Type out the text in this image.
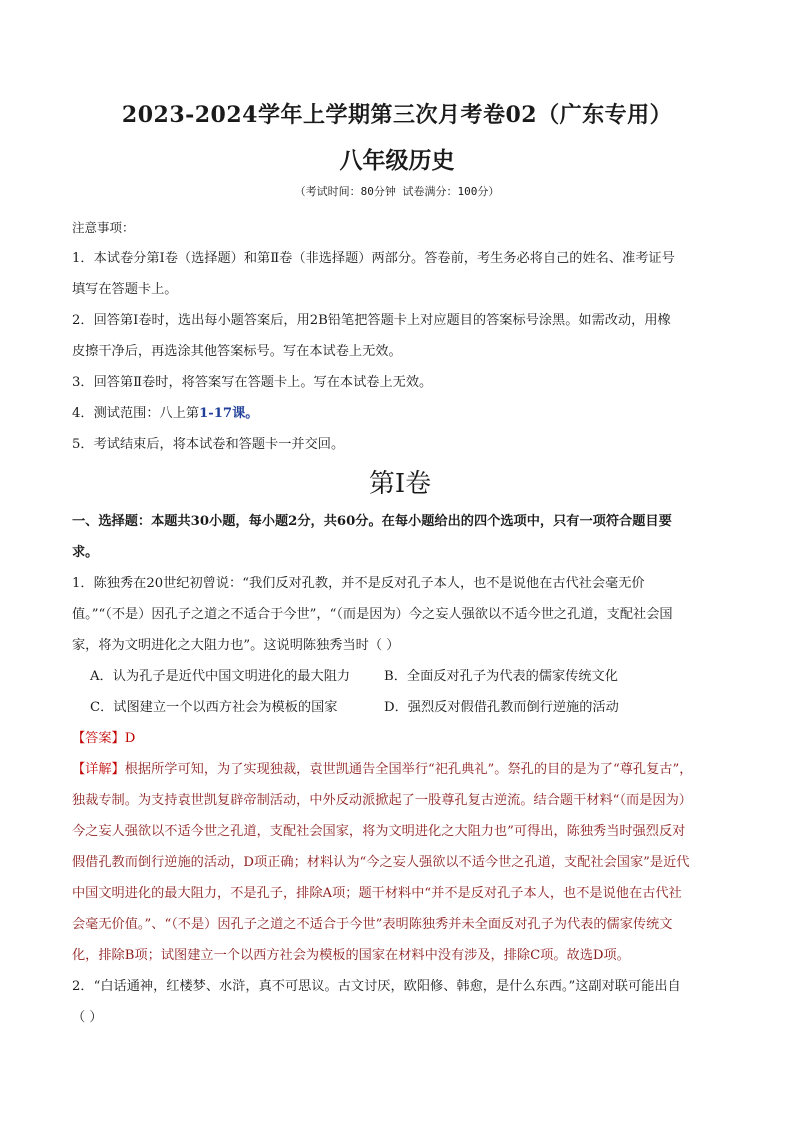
2023-2024学年上学期第三次月考卷02（广东专用）
八年级历史
（考试时间：80分钟 试卷满分：100分）
注意事项：
1．本试卷分第Ⅰ卷（选择题）和第Ⅱ卷（非选择题）两部分。答卷前，考生务必将自己的姓名、准考证号
填写在答题卡上。
2．回答第Ⅰ卷时，选出每小题答案后，用2B铅笔把答题卡上对应题目的答案标号涂黑。如需改动，用橡
皮擦干净后，再选涂其他答案标号。写在本试卷上无效。
3．回答第Ⅱ卷时，将答案写在答题卡上。写在本试卷上无效。
4．测试范围：八上第1-17课。
5．考试结束后，将本试卷和答题卡一并交回。
第Ⅰ卷
一、选择题：本题共30小题，每小题2分，共60分。在每小题给出的四个选项中，只有一项符合题目要
求。
1．陈独秀在20世纪初曾说：“我们反对孔教，并不是反对孔子本人，也不是说他在古代社会毫无价
值。”“（不是）因孔子之道之不适合于今世”，“（而是因为）今之妄人强欲以不适今世之孔道，支配社会国
家，将为文明进化之大阻力也”。这说明陈独秀当时（ ）
A．认为孔子是近代中国文明进化的最大阻力	B．全面反对孔子为代表的儒家传统文化
C．试图建立一个以西方社会为模板的国家	D．强烈反对假借孔教而倒行逆施的活动
【答案】D
【详解】根据所学可知，为了实现独裁，袁世凯通告全国举行“祀孔典礼”。祭孔的目的是为了“尊孔复古”，
独裁专制。为支持袁世凯复辟帝制活动，中外反动派掀起了一股尊孔复古逆流。结合题干材料“（而是因为）
今之妄人强欲以不适今世之孔道，支配社会国家，将为文明进化之大阻力也”可得出，陈独秀当时强烈反对
假借孔教而倒行逆施的活动，D项正确；材料认为“今之妄人强欲以不适今世之孔道，支配社会国家”是近代
中国文明进化的最大阻力，不是孔子，排除A项；题干材料中“并不是反对孔子本人，也不是说他在古代社
会毫无价值。”、“（不是）因孔子之道之不适合于今世”表明陈独秀并未全面反对孔子为代表的儒家传统文
化，排除B项；试图建立一个以西方社会为模板的国家在材料中没有涉及，排除C项。故选D项。
2．“白话通神，红楼梦、水浒，真不可思议。古文讨厌，欧阳修、韩愈，是什么东西。”这副对联可能出自
（ ）
